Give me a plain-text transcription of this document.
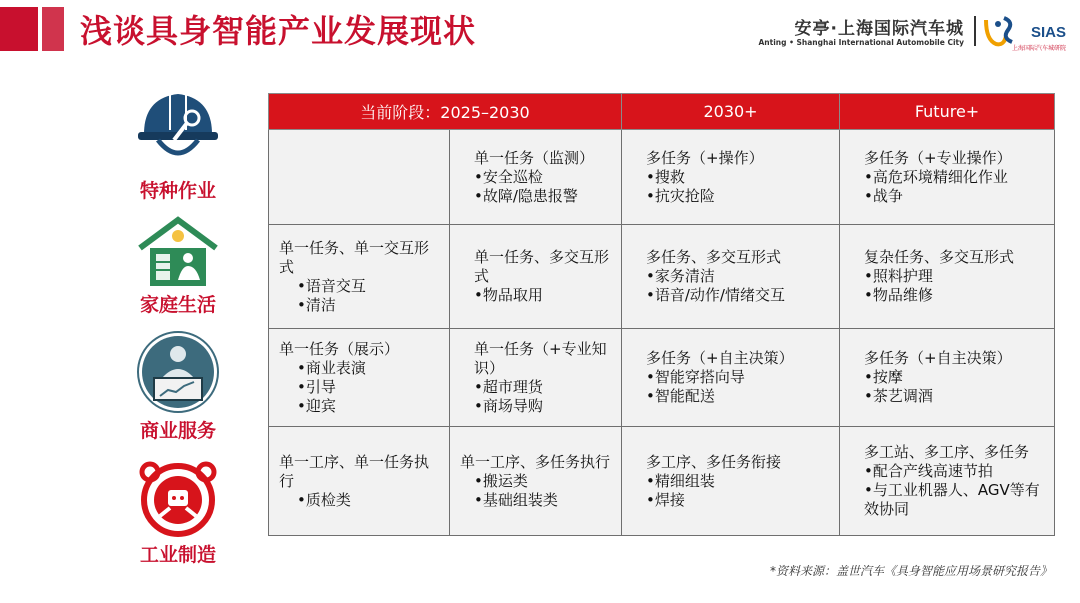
浅谈具身智能产业发展现状	安亭·上海国际汽车城
Anting • Shanghai International Automobile City
SIAS
上海国际汽车城研院
特种作业
家庭生活
商业服务
工业制造
当前阶段：2025–2030		2030+	Future+

	单一任务（监测）
•安全巡检
•故障/隐患报警	多任务（+操作）
•搜救
•抗灾抢险	多任务（+专业操作）
•高危环境精细化作业
•战争

单一任务、单一交互形式
•语音交互
•清洁	单一任务、多交互形式
•物品取用	多任务、多交互形式
•家务清洁
•语音/动作/情绪交互	复杂任务、多交互形式
•照料护理
•物品维修

单一任务（展示）
•商业表演
•引导
•迎宾	单一任务（+专业知识）
•超市理货
•商场导购	多任务（+自主决策）
•智能穿搭向导
•智能配送	多任务（+自主决策）
•按摩
•茶艺调酒

单一工序、单一任务执行
•质检类	单一工序、多任务执行
•搬运类
•基础组装类	多工序、多任务衔接
•精细组装
•焊接	多工站、多工序、多任务
•配合产线高速节拍
•与工业机器人、AGV等有效协同
*资料来源：盖世汽车《具身智能应用场景研究报告》
